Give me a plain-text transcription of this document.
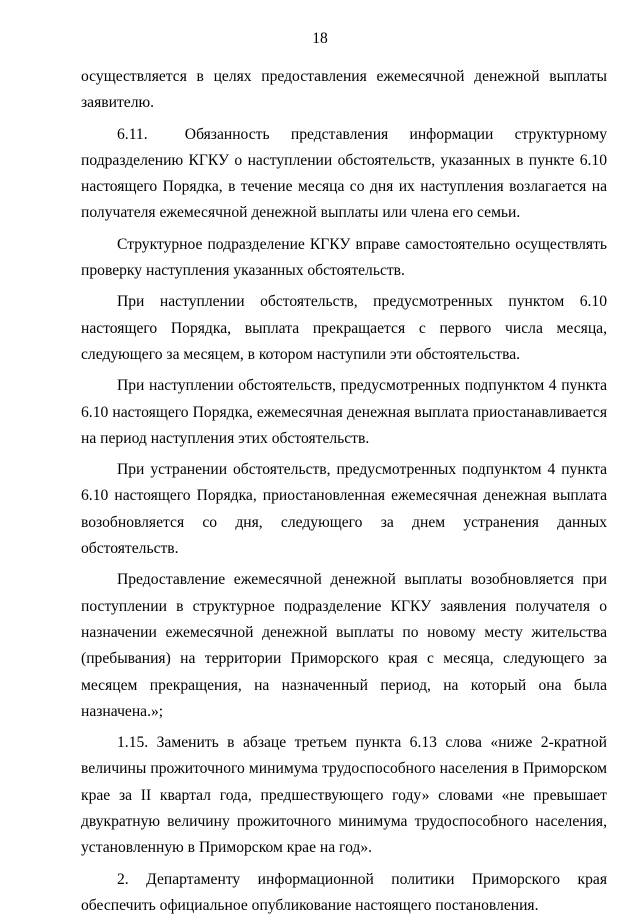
18

осуществляется в целях предоставления ежемесячной денежной выплаты заявителю.

6.11.       Обязанность    представления    информации    структурному подразделению КГКУ о наступлении обстоятельств, указанных в пункте 6.10 настоящего Порядка, в течение месяца со дня их наступления возлагается на получателя ежемесячной денежной выплаты или члена его семьи.

Структурное подразделение КГКУ вправе самостоятельно осуществлять проверку наступления указанных обстоятельств.

При наступлении обстоятельств, предусмотренных пунктом 6.10 настоящего Порядка, выплата прекращается с первого числа месяца, следующего за месяцем, в котором наступили эти обстоятельства.

При наступлении обстоятельств, предусмотренных подпунктом 4 пункта 6.10 настоящего Порядка, ежемесячная денежная выплата приостанавливается на период наступления этих обстоятельств.

При устранении обстоятельств, предусмотренных подпунктом 4 пункта 6.10 настоящего Порядка, приостановленная ежемесячная денежная выплата возобновляется со дня, следующего за днем устранения данных обстоятельств.

Предоставление ежемесячной денежной выплаты возобновляется при поступлении в структурное подразделение КГКУ заявления получателя о назначении ежемесячной денежной выплаты по новому месту жительства (пребывания) на территории Приморского края с месяца, следующего за месяцем прекращения, на назначенный период, на который она была назначена.»;

1.15. Заменить в абзаце третьем пункта 6.13 слова «ниже 2-кратной величины прожиточного минимума трудоспособного населения в Приморском крае за II квартал года, предшествующего году» словами «не превышает двукратную величину прожиточного минимума трудоспособного населения, установленную в Приморском крае на год».

2. Департаменту информационной политики Приморского края обеспечить официальное опубликование настоящего постановления.
